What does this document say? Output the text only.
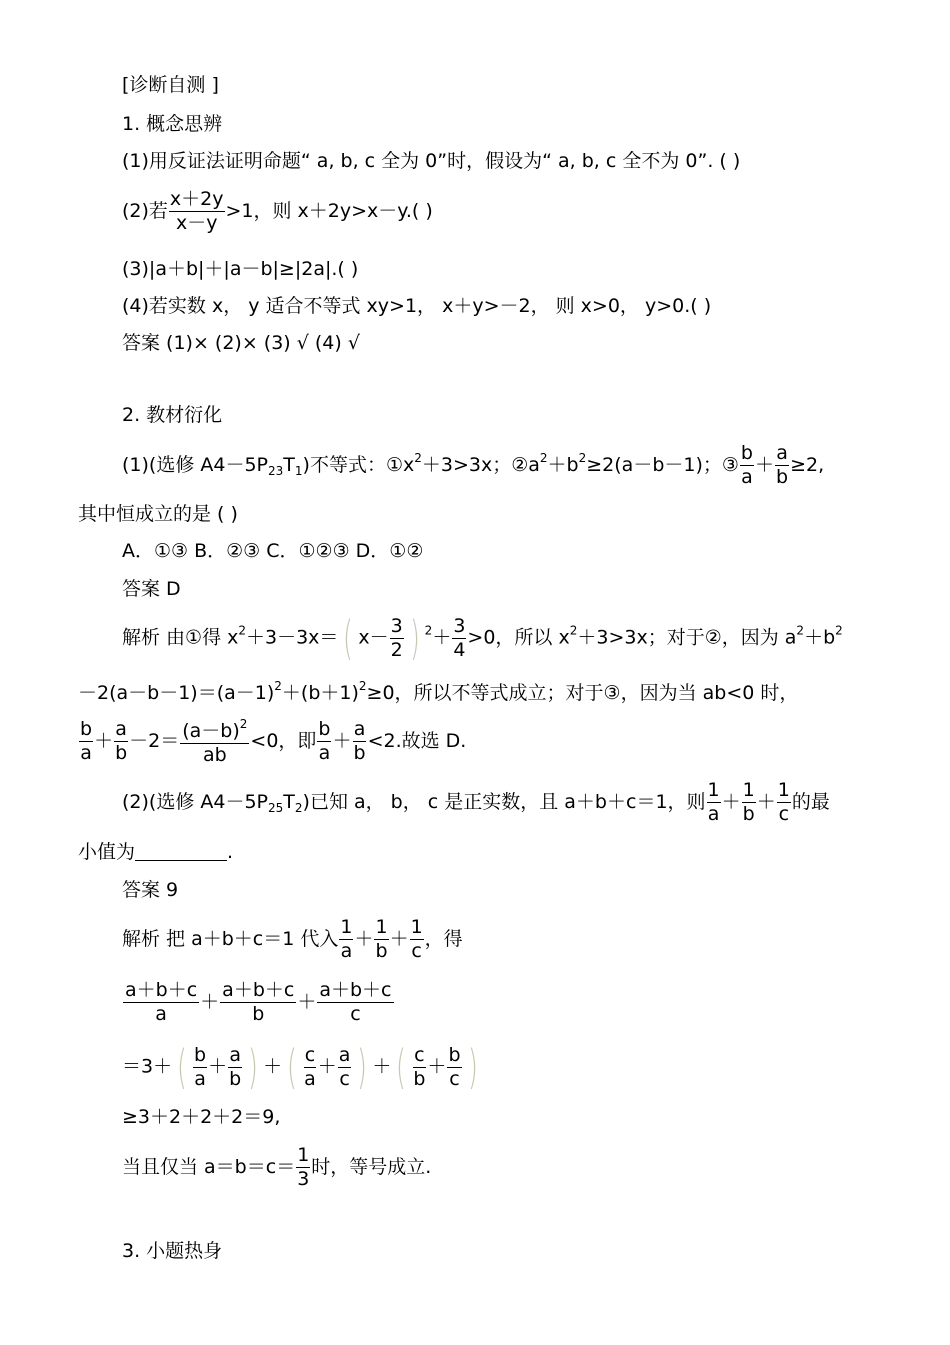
[诊断自测 ]
1. 概念思辨
(1)用反证法证明命题“ a, b, c 全为 0”时，假设为“ a, b, c 全不为 0”. ( )
(2)若 $\frac{x+2y}{x-y} >1$，则 x＋2y>x－y.( )
(3)|a＋b|＋|a－b|≥|2a|.( )
(4)若实数 x， y 适合不等式 xy>1， x＋y>－2， 则 x>0， y>0.( )
答案 (1)× (2)× (3) √ (4) √
2. 教材衍化
(1)(选修 $A4-5P_{23}T_1$)不等式：$①x^2+3>3x$；$②a^2+b^2\ge 2(a-b-1)$；③ $\frac{b}{a} + \frac{a}{b} \ge 2$,
其中恒成立的是 ( )
A．①③ B．②③ C．①②③ D．①②
答案 D
解析 由①得 $x^2+3-3x=$ ( $x- \frac{3}{2}$ ) $^2+ \frac{3}{4} >0$，所以 $x^2+3>3x$；对于②，因为 $a^2+b^2$
$-2(a-b-1)=(a-1)^2+(b+1)^2\ge 0$，所以不等式成立；对于③，因为当 ab<0 时，
$\frac{b}{a} + \frac{a}{b} -2= \frac{(a-b)^2}{ab} <0$，即 $\frac{b}{a} + \frac{a}{b} <2$.故选 D.
(2)(选修 $A4-5P_{25}T_2$)已知 a， b， c 是正实数，且 a＋b＋c＝1，则 $\frac{1}{a} + \frac{1}{b} + \frac{1}{c}$ 的最
小值为	.
答案 9
解析 把 a＋b＋c＝1 代入 $\frac{1}{a} + \frac{1}{b} + \frac{1}{c}$ ，得
$\frac{a+b+c}{a} + \frac{a+b+c}{b} + \frac{a+b+c}{c}$
＝3＋ ( $\frac{b}{a} + \frac{a}{b}$ ) ＋ ( $\frac{c}{a} + \frac{a}{c}$ ) ＋ ( $\frac{c}{b} + \frac{b}{c}$ )
≥3＋2＋2＋2＝9,
当且仅当 $a=b=c= \frac{1}{3}$ 时，等号成立.
3. 小题热身
